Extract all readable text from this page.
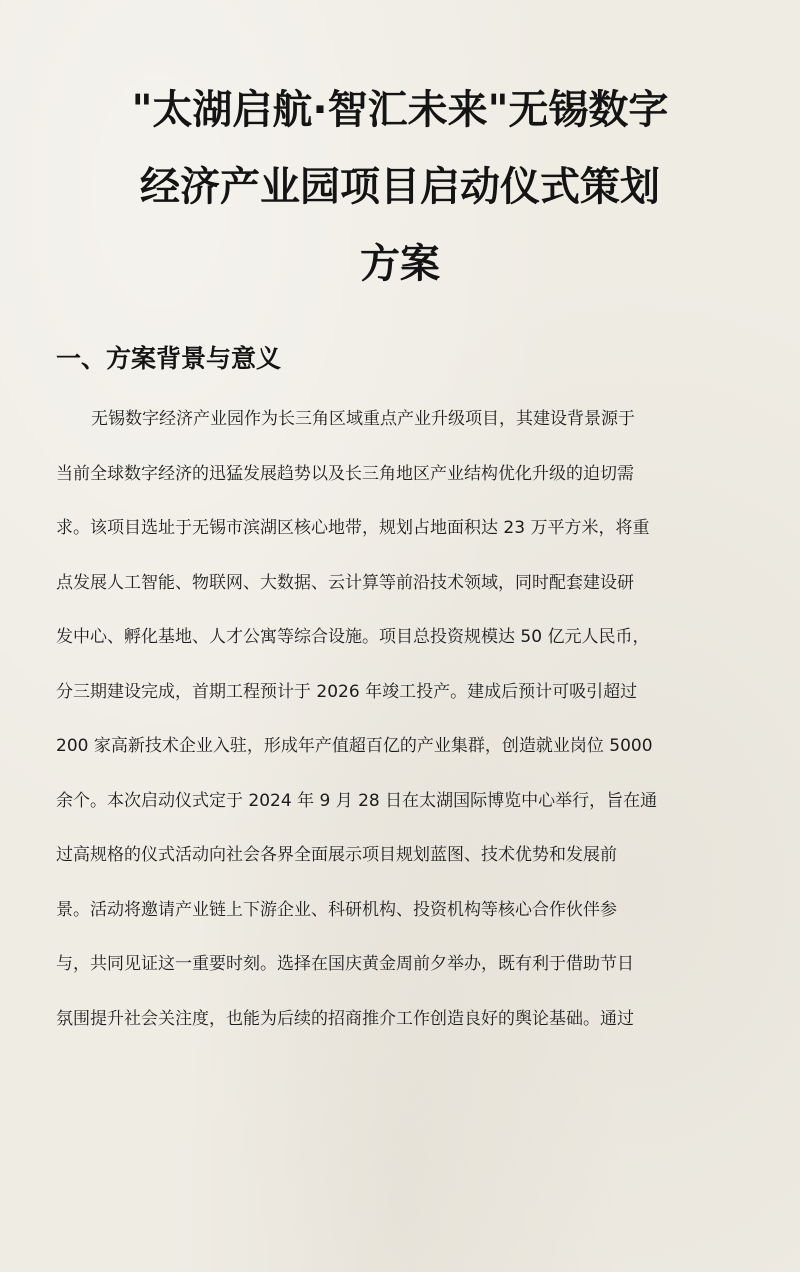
"太湖启航·智汇未来"无锡数字
经济产业园项目启动仪式策划
方案
一、方案背景与意义
无锡数字经济产业园作为长三角区域重点产业升级项目，其建设背景源于
当前全球数字经济的迅猛发展趋势以及长三角地区产业结构优化升级的迫切需
求。该项目选址于无锡市滨湖区核心地带，规划占地面积达 23 万平方米，将重
点发展人工智能、物联网、大数据、云计算等前沿技术领域，同时配套建设研
发中心、孵化基地、人才公寓等综合设施。项目总投资规模达 50 亿元人民币，
分三期建设完成，首期工程预计于 2026 年竣工投产。建成后预计可吸引超过
200 家高新技术企业入驻，形成年产值超百亿的产业集群，创造就业岗位 5000
余个。本次启动仪式定于 2024 年 9 月 28 日在太湖国际博览中心举行，旨在通
过高规格的仪式活动向社会各界全面展示项目规划蓝图、技术优势和发展前
景。活动将邀请产业链上下游企业、科研机构、投资机构等核心合作伙伴参
与，共同见证这一重要时刻。选择在国庆黄金周前夕举办，既有利于借助节日
氛围提升社会关注度，也能为后续的招商推介工作创造良好的舆论基础。通过
